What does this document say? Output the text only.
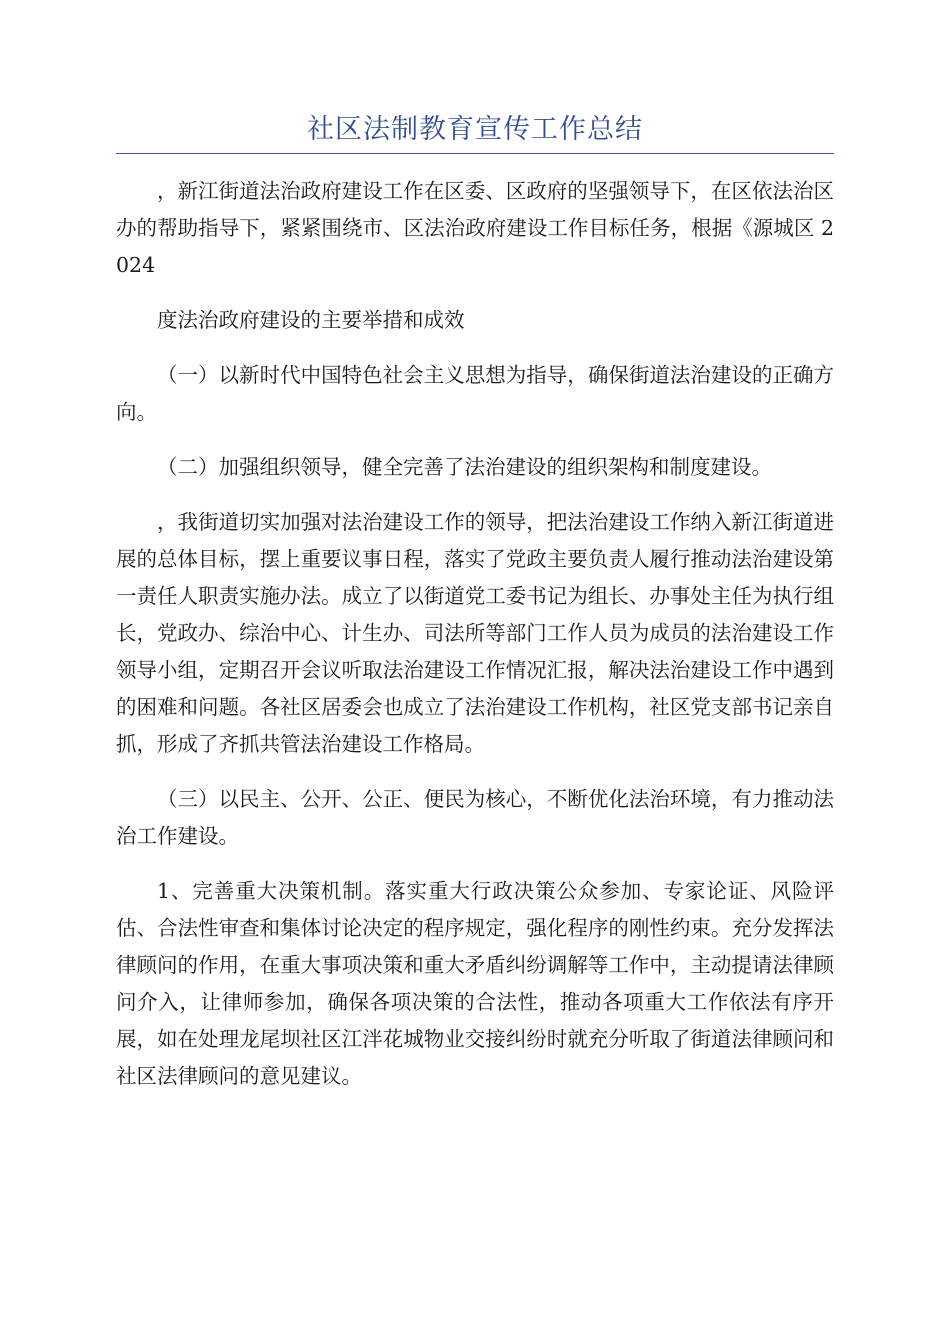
社区法制教育宣传工作总结

，新江街道法治政府建设工作在区委、区政府的坚强领导下，在区依法治区办的帮助指导下，紧紧围绕市、区法治政府建设工作目标任务，根据《源城区 2024

度法治政府建设的主要举措和成效

（一）以新时代中国特色社会主义思想为指导，确保街道法治建设的正确方向。

（二）加强组织领导，健全完善了法治建设的组织架构和制度建设。

，我街道切实加强对法治建设工作的领导，把法治建设工作纳入新江街道进展的总体目标，摆上重要议事日程，落实了党政主要负责人履行推动法治建设第一责任人职责实施办法。成立了以街道党工委书记为组长、办事处主任为执行组长，党政办、综治中心、计生办、司法所等部门工作人员为成员的法治建设工作领导小组，定期召开会议听取法治建设工作情况汇报，解决法治建设工作中遇到的困难和问题。各社区居委会也成立了法治建设工作机构，社区党支部书记亲自抓，形成了齐抓共管法治建设工作格局。

（三）以民主、公开、公正、便民为核心，不断优化法治环境，有力推动法治工作建设。

1、完善重大决策机制。落实重大行政决策公众参加、专家论证、风险评估、合法性审查和集体讨论决定的程序规定，强化程序的刚性约束。充分发挥法律顾问的作用，在重大事项决策和重大矛盾纠纷调解等工作中，主动提请法律顾问介入，让律师参加，确保各项决策的合法性，推动各项重大工作依法有序开展，如在处理龙尾坝社区江泮花城物业交接纠纷时就充分听取了街道法律顾问和社区法律顾问的意见建议。
